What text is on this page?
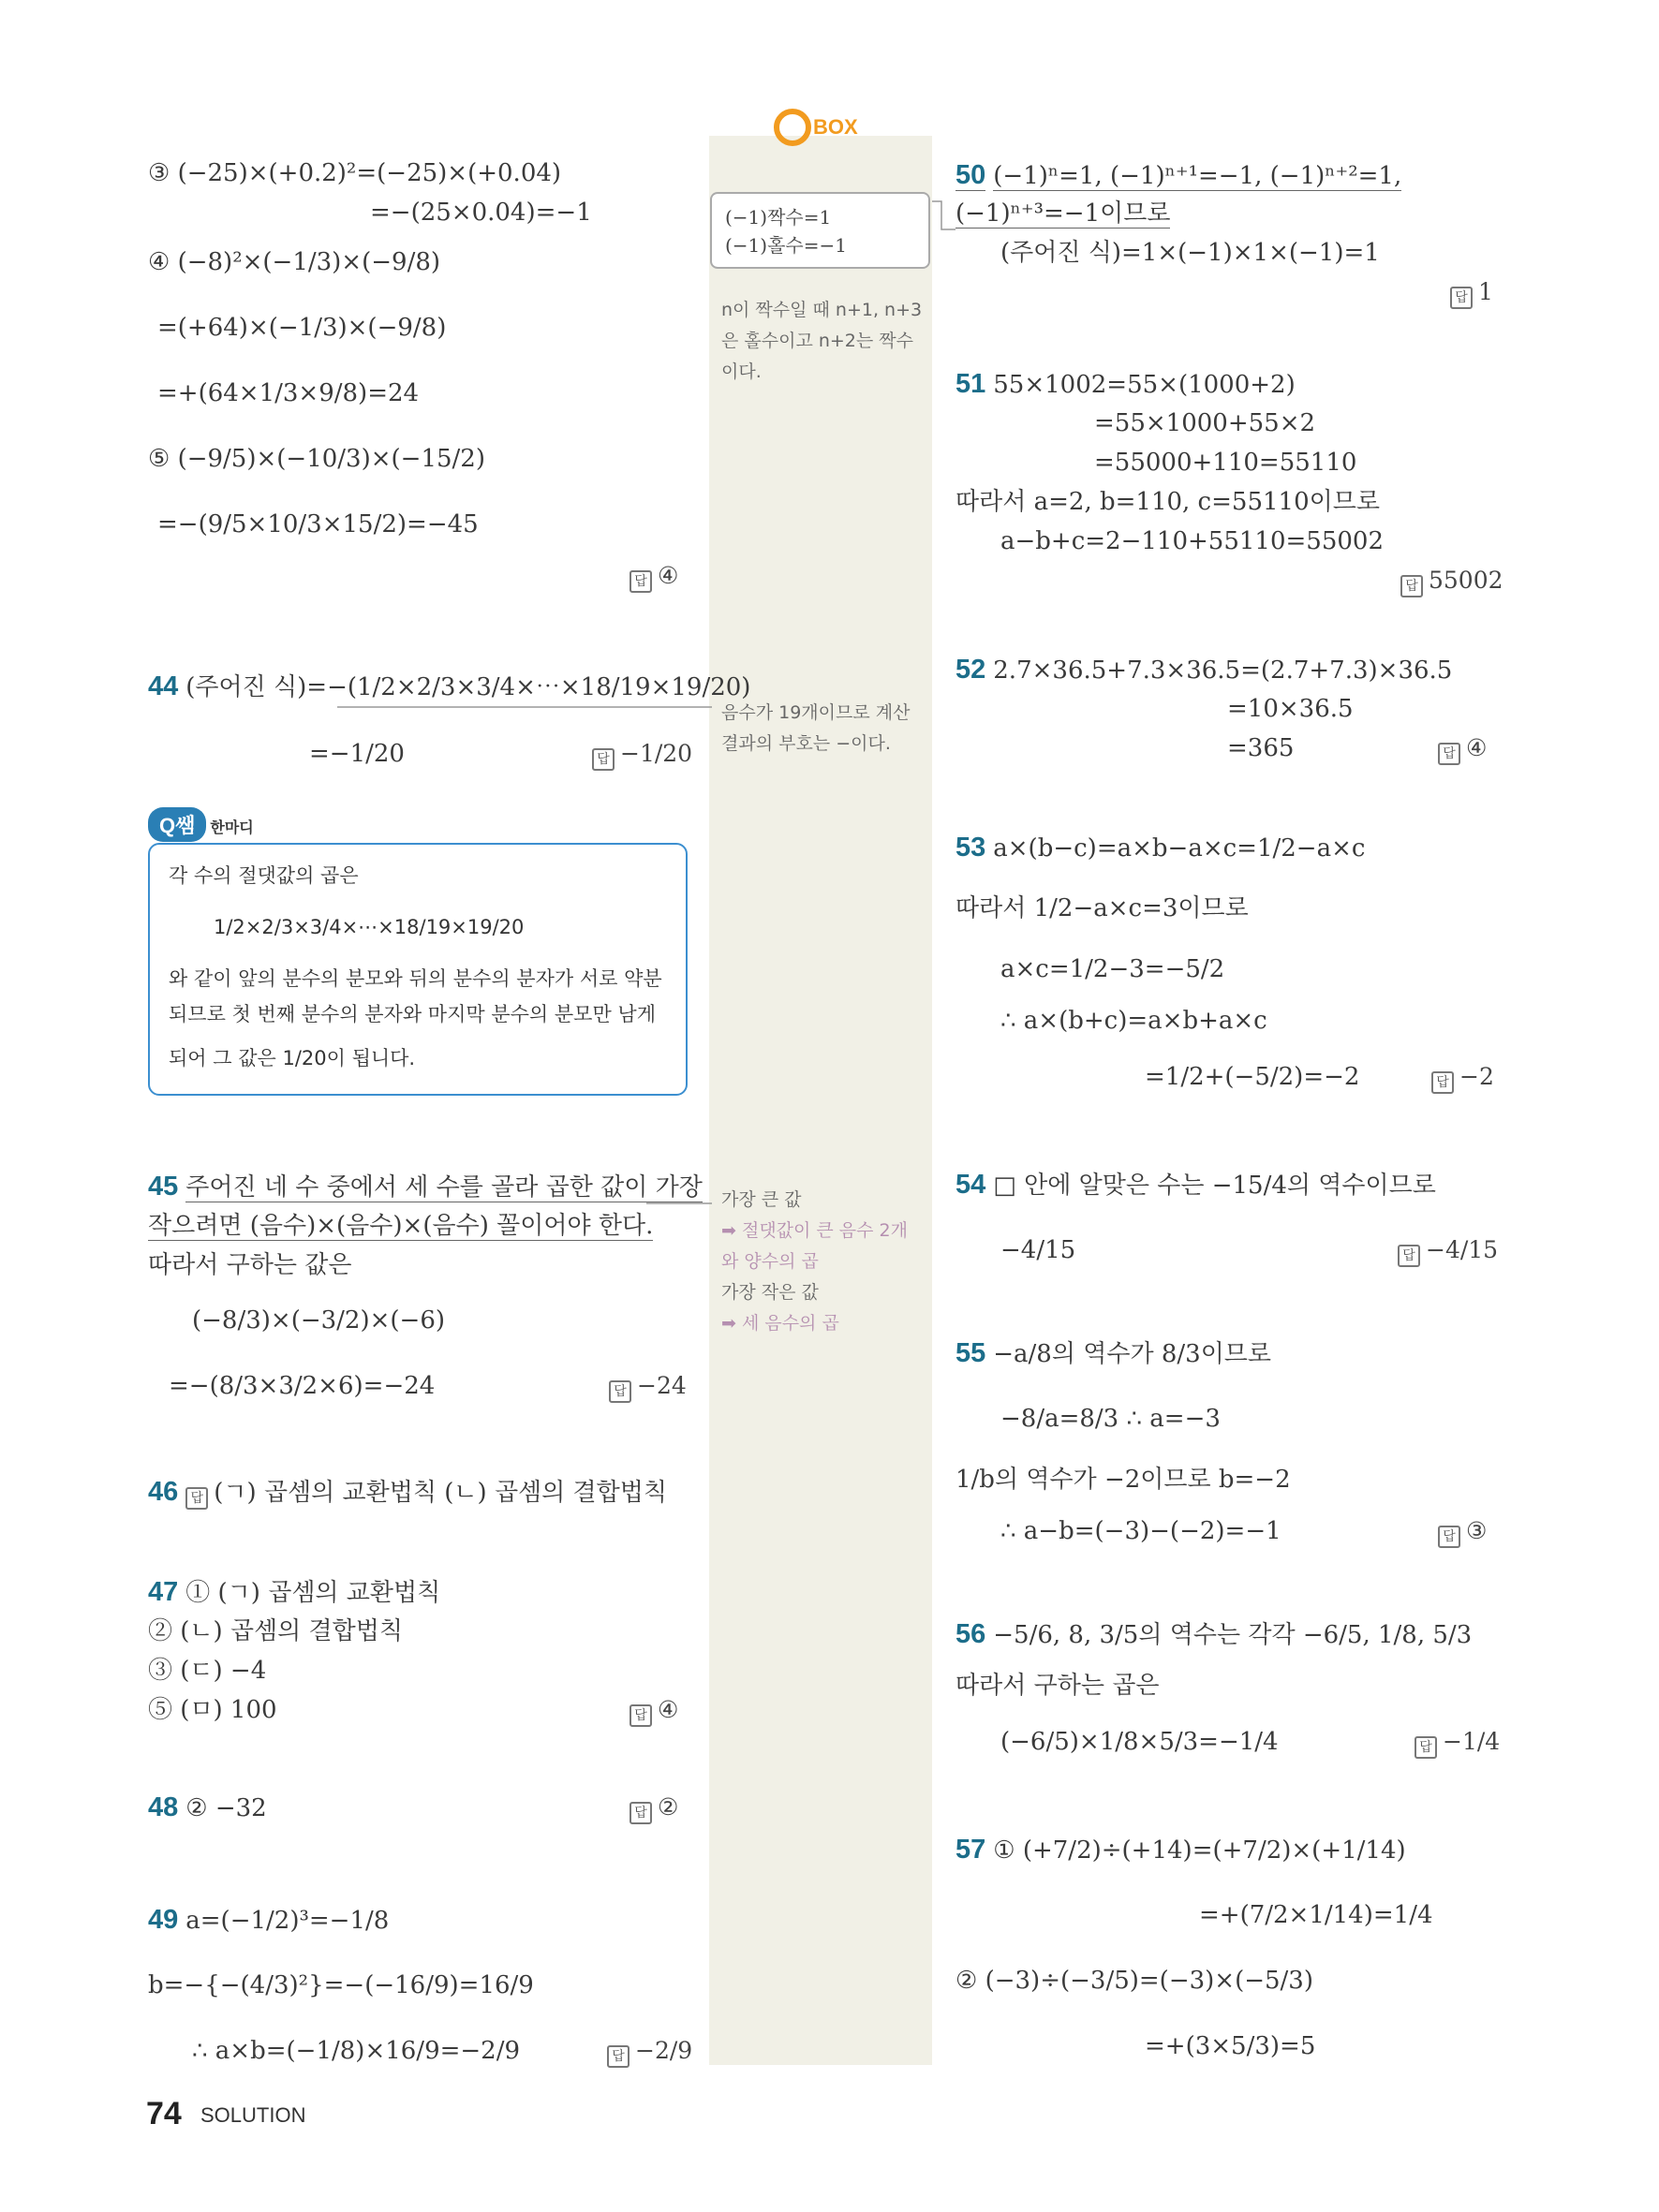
BOX
(−1)짝수=1
(−1)홀수=−1
n이 짝수일 때 n+1, n+3은 홀수이고 n+2는 짝수이다.
음수가 19개이므로 계산 결과의 부호는 −이다.
가장 큰 값
➡ 절댓값이 큰 음수 2개와 양수의 곱
가장 작은 값
➡ 세 음수의 곱
③ (−25)×(+0.2)²=(−25)×(+0.04)
=−(25×0.04)=−1
④ (−8)²×(−1/3)×(−9/8)
=(+64)×(−1/3)×(−9/8)
=+(64×1/3×9/8)=24
⑤ (−9/5)×(−10/3)×(−15/2)
=−(9/5×10/3×15/2)=−45
답 ④
44 (주어진 식)=−(1/2×2/3×3/4×⋯×18/19×19/20)
=−1/20	답 −1/20
Q쌤 한마디
각 수의 절댓값의 곱은
1/2×2/3×3/4×⋯×18/19×19/20
와 같이 앞의 분수의 분모와 뒤의 분수의 분자가 서로 약분
되므로 첫 번째 분수의 분자와 마지막 분수의 분모만 남게
되어 그 값은 1/20이 됩니다.
45 주어진 네 수 중에서 세 수를 골라 곱한 값이 가장
작으려면 (음수)×(음수)×(음수) 꼴이어야 한다.
따라서 구하는 값은
(−8/3)×(−3/2)×(−6)
=−(8/3×3/2×6)=−24	답 −24
46 답 (ㄱ) 곱셈의 교환법칙 (ㄴ) 곱셈의 결합법칙
47 ① (ㄱ) 곱셈의 교환법칙
② (ㄴ) 곱셈의 결합법칙
③ (ㄷ) −4
⑤ (ㅁ) 100	답 ④
48 ② −32	답 ②
49 a=(−1/2)³=−1/8
b=−{−(4/3)²}=−(−16/9)=16/9
∴ a×b=(−1/8)×16/9=−2/9	답 −2/9
50 (−1)ⁿ=1, (−1)ⁿ⁺¹=−1, (−1)ⁿ⁺²=1,
(−1)ⁿ⁺³=−1이므로
(주어진 식)=1×(−1)×1×(−1)=1
답 1
51 55×1002=55×(1000+2)
=55×1000+55×2
=55000+110=55110
따라서 a=2, b=110, c=55110이므로
a−b+c=2−110+55110=55002
답 55002
52 2.7×36.5+7.3×36.5=(2.7+7.3)×36.5
=10×36.5
=365	답 ④
53 a×(b−c)=a×b−a×c=1/2−a×c
따라서 1/2−a×c=3이므로
a×c=1/2−3=−5/2
∴ a×(b+c)=a×b+a×c
=1/2+(−5/2)=−2	답 −2
54 □ 안에 알맞은 수는 −15/4의 역수이므로
−4/15	답 −4/15
55 −a/8의 역수가 8/3이므로
−8/a=8/3 ∴ a=−3
1/b의 역수가 −2이므로 b=−2
∴ a−b=(−3)−(−2)=−1	답 ③
56 −5/6, 8, 3/5의 역수는 각각 −6/5, 1/8, 5/3
따라서 구하는 곱은
(−6/5)×1/8×5/3=−1/4	답 −1/4
57 ① (+7/2)÷(+14)=(+7/2)×(+1/14)
=+(7/2×1/14)=1/4
② (−3)÷(−3/5)=(−3)×(−5/3)
=+(3×5/3)=5
74 SOLUTION
